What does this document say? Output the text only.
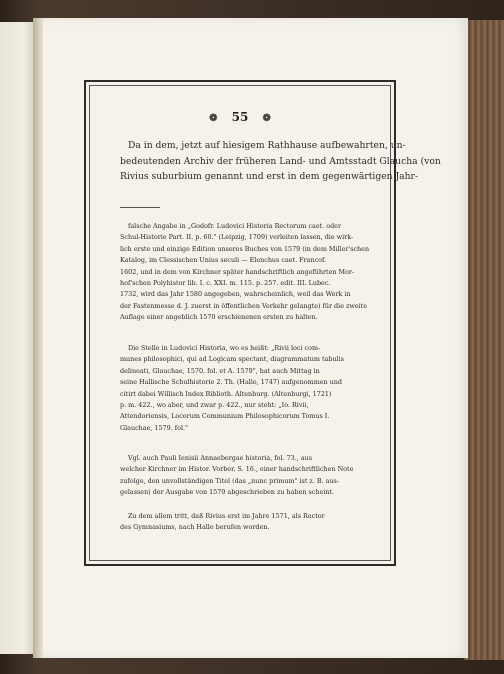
❁ 55 ❁
Da in dem, jetzt auf hiesigem Rathhause aufbewahrten, un-
bedeutenden Archiv der früheren Land- und Amtsstadt Glaucha (von
Rivius suburbium genannt und erst in dem gegenwärtigen Jahr-
falsche Angabe in „Godofr. Ludovici Historia Rectorum caet. oder
Schul-Historie Part. II. p. 60." (Leipzig, 1709) verleiten lassen, die wirk-
lich erste und einzige Edition unseres Buches von 1579 (in dem Miller'schen
Katalog, im Clessischen Unius seculi — Elenchus caet. Francof.
1602, und in dem von Kirchner später handschriftlich angeführten Mor-
hof'schen Polyhistor lib. I. c. XXI. m. 115. p. 257. edit. III. Lubec.
1732, wird das Jahr 1580 angegeben, wahrscheinlich, weil das Werk in
der Fastenmesse d. J. zuerst in öffentlichen Verkehr gelangte) für die zweite
Auflage einer angeblich 1570 erschienenen ersten zu halten.
Die Stelle in Ludovici Historia, wo es heißt: „Rivii loci com-
munes philosophici, qui ad Logicam spectant, diagrammatum tabulis
delineati, Glauchae, 1570. fol. et A. 1579", hat auch Mittag in
seine Hallische Schulhistorie 2. Th. (Halle, 1747) aufgenommen und
citirt dabei Willisch Index Biblioth. Altenburg. (Altenburgi, 1721)
p. m. 422., wo aber, und zwar p. 422., nur steht: „Io. Rivii,
Attendoriensis, Locorum Communium Philosophicorum Tomus I.
Glauchae, 1579. fol."
Vgl. auch Pauli Ienisii Annaebergae historia, fol. 73., aus
welcher Kirchner im Histor. Vorber. S. 16., einer handschriftlichen Note
zufolge, den unvollständigen Titel (das „nunc primum" ist z. B. aus-
gelassen) der Ausgabe von 1579 abgeschrieben zu haben scheint.
Zu dem allem tritt, daß Rivius erst im Jahre 1571, als Rector
des Gymnasiums, nach Halle berufen worden.
